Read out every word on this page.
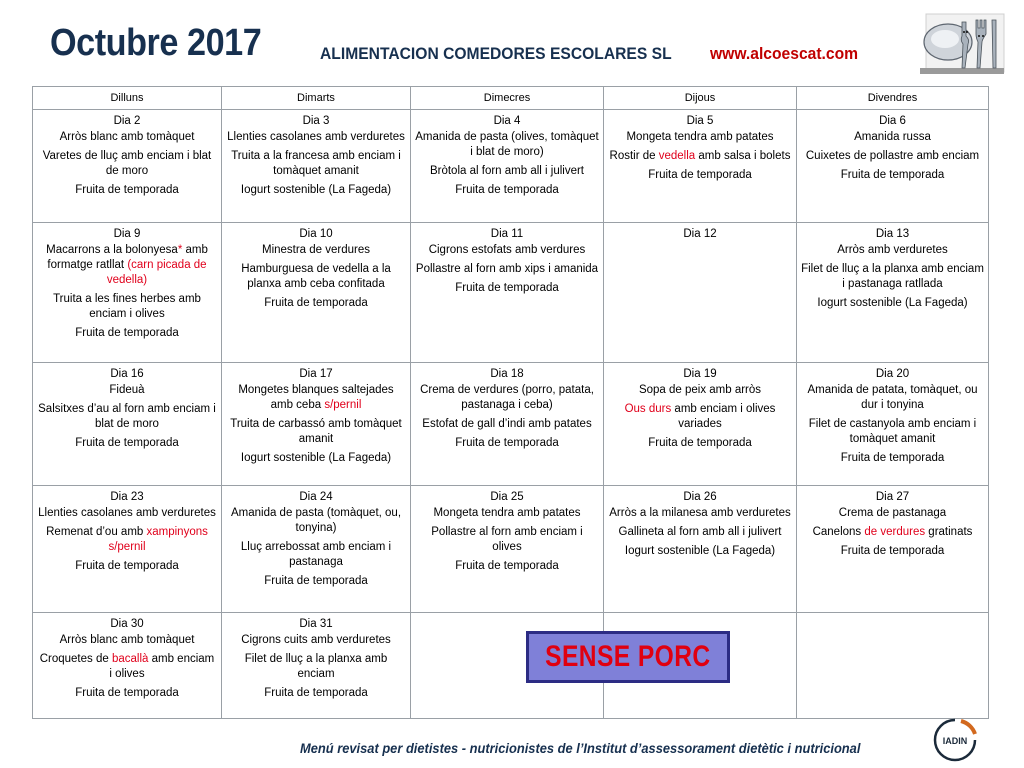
Octubre 2017	ALIMENTACION COMEDORES ESCOLARES SL www.alcoescat.com
Dilluns	Dimarts	Dimecres	Dijous	Divendres

Dia 2
Arròs blanc amb tomàquet
Varetes de lluç amb enciam i blat de moro
Fruita de temporada	Dia 3
Llenties casolanes amb verduretes
Truita a la francesa amb enciam i tomàquet amanit
Iogurt sostenible (La Fageda)	Dia 4
Amanida de pasta (olives, tomàquet i blat de moro)
Bròtola al forn amb all i julivert
Fruita de temporada	Dia 5
Mongeta tendra amb patates
Rostir de vedella amb salsa i bolets
Fruita de temporada	Dia 6
Amanida russa
Cuixetes de pollastre amb enciam
Fruita de temporada

Dia 9
Macarrons a la bolonyesa* amb formatge ratllat (carn picada de vedella)
Truita a les fines herbes amb enciam i olives
Fruita de temporada	Dia 10
Minestra de verdures
Hamburguesa de vedella a la planxa amb ceba confitada
Fruita de temporada	Dia 11
Cigrons estofats amb verdures
Pollastre al forn amb xips i amanida
Fruita de temporada	Dia 12	Dia 13
Arròs amb verduretes
Filet de lluç a la planxa amb enciam i pastanaga ratllada
Iogurt sostenible (La Fageda)

Dia 16
Fideuà
Salsitxes d’au al forn amb enciam i blat de moro
Fruita de temporada	Dia 17
Mongetes blanques saltejades amb ceba s/pernil
Truita de carbassó amb tomàquet amanit
Iogurt sostenible (La Fageda)	Dia 18
Crema de verdures (porro, patata, pastanaga i ceba)
Estofat de gall d’indi amb patates
Fruita de temporada	Dia 19
Sopa de peix amb arròs
Ous durs amb enciam i olives variades
Fruita de temporada	Dia 20
Amanida de patata, tomàquet, ou dur i tonyina
Filet de castanyola amb enciam i tomàquet amanit
Fruita de temporada

Dia 23
Llenties casolanes amb verduretes
Remenat d’ou amb xampinyons s/pernil
Fruita de temporada	Dia 24
Amanida de pasta (tomàquet, ou, tonyina)
Lluç arrebossat amb enciam i pastanaga
Fruita de temporada	Dia 25
Mongeta tendra amb patates
Pollastre al forn amb enciam i olives
Fruita de temporada	Dia 26
Arròs a la milanesa amb verduretes
Gallineta al forn amb all i julivert
Iogurt sostenible (La Fageda)	Dia 27
Crema de pastanaga
Canelons de verdures gratinats
Fruita de temporada

Dia 30
Arròs blanc amb tomàquet
Croquetes de bacallà amb enciam i olives
Fruita de temporada	Dia 31
Cigrons cuits amb verduretes
Filet de lluç a la planxa amb enciam
Fruita de temporada			

SENSE PORC
Menú revisat per dietistes - nutricionistes de l’Institut d’assessorament dietètic i nutricional	IADIN
